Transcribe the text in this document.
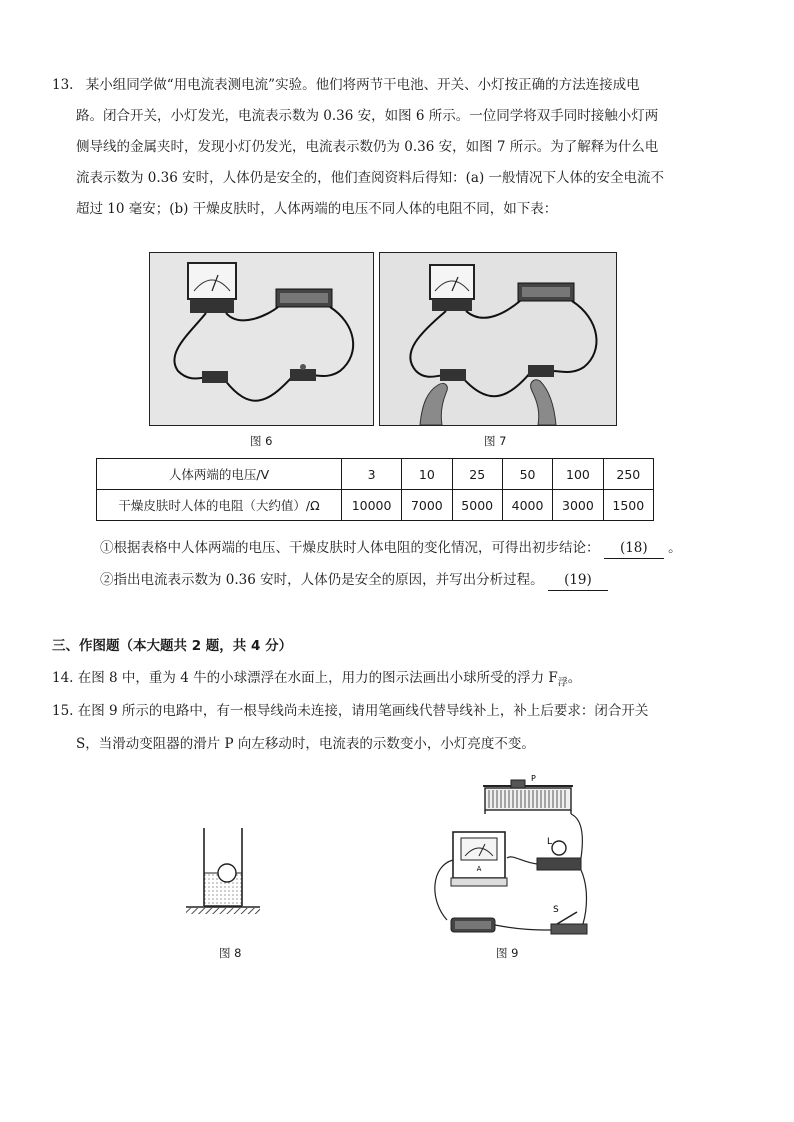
13. 某小组同学做“用电流表测电流”实验。他们将两节干电池、开关、小灯按正确的方法连接成电
路。闭合开关，小灯发光，电流表示数为 0.36 安，如图 6 所示。一位同学将双手同时接触小灯两
侧导线的金属夹时，发现小灯仍发光，电流表示数仍为 0.36 安，如图 7 所示。为了解释为什么电
流表示数为 0.36 安时，人体仍是安全的，他们查阅资料后得知：(a) 一般情况下人体的安全电流不
超过 10 毫安；(b) 干燥皮肤时，人体两端的电压不同人体的电阻不同，如下表：
图 6	图 7
人体两端的电压/V	3	10	25	50	100	250
干燥皮肤时人体的电阻（大约值）/Ω	10000	7000	5000	4000	3000	1500
①根据表格中人体两端的电压、干燥皮肤时人体电阻的变化情况，可得出初步结论： (18) 。
②指出电流表示数为 0.36 安时，人体仍是安全的原因，并写出分析过程。 (19)
三、作图题（本大题共 2 题，共 4 分）
14. 在图 8 中，重为 4 牛的小球漂浮在水面上，用力的图示法画出小球所受的浮力 $F_浮$。
15. 在图 9 所示的电路中，有一根导线尚未连接，请用笔画线代替导线补上，补上后要求：闭合开关
S，当滑动变阻器的滑片 P 向左移动时，电流表的示数变小，小灯亮度不变。
图 8
A
P
L
S
图 9
